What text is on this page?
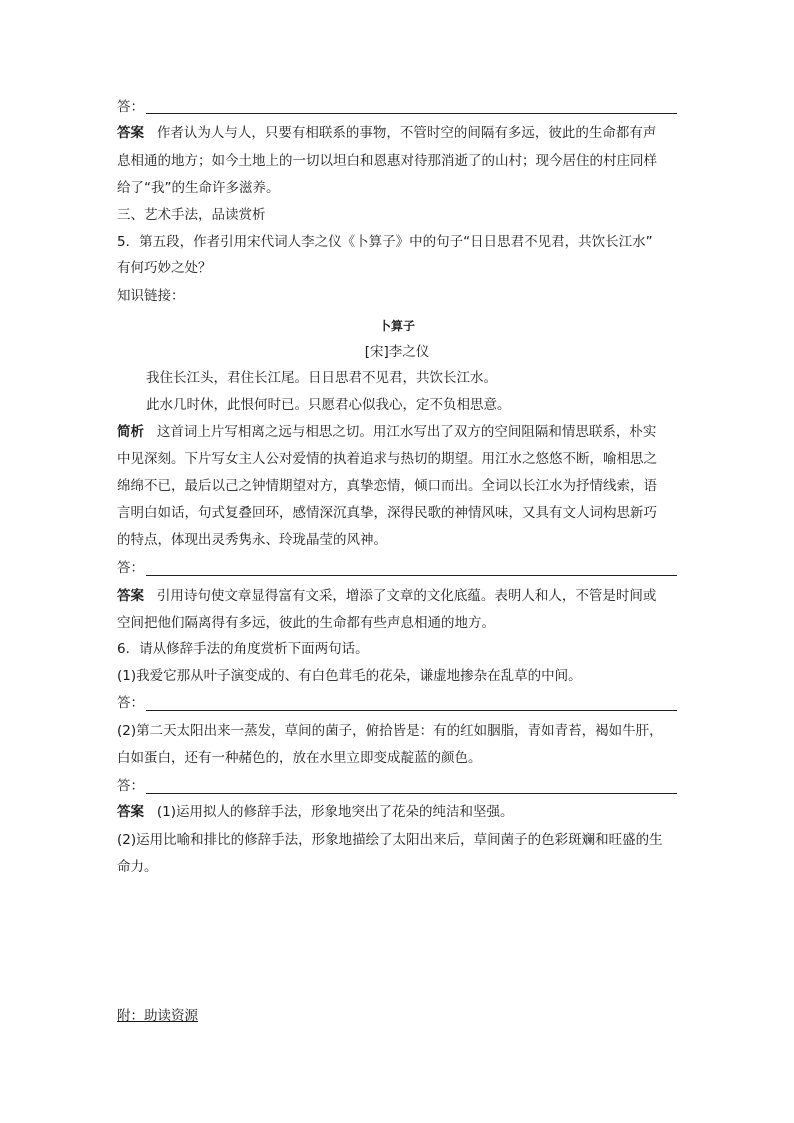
答：
答案 作者认为人与人，只要有相联系的事物，不管时空的间隔有多远，彼此的生命都有声
息相通的地方；如今土地上的一切以坦白和恩惠对待那消逝了的山村；现今居住的村庄同样
给了“我”的生命许多滋养。
三、艺术手法，品读赏析
5．第五段，作者引用宋代词人李之仪《卜算子》中的句子“日日思君不见君，共饮长江水”
有何巧妙之处？
知识链接：
卜算子
[宋]李之仪
我住长江头，君住长江尾。日日思君不见君，共饮长江水。
此水几时休，此恨何时已。只愿君心似我心，定不负相思意。
简析 这首词上片写相离之远与相思之切。用江水写出了双方的空间阻隔和情思联系，朴实
中见深刻。下片写女主人公对爱情的执着追求与热切的期望。用江水之悠悠不断，喻相思之
绵绵不已，最后以己之钟情期望对方，真挚恋情，倾口而出。全词以长江水为抒情线索，语
言明白如话，句式复叠回环，感情深沉真挚，深得民歌的神情风味，又具有文人词构思新巧
的特点，体现出灵秀隽永、玲珑晶莹的风神。
答：
答案 引用诗句使文章显得富有文采，增添了文章的文化底蕴。表明人和人，不管是时间或
空间把他们隔离得有多远，彼此的生命都有些声息相通的地方。
6．请从修辞手法的角度赏析下面两句话。
(1)我爱它那从叶子演变成的、有白色茸毛的花朵，谦虚地掺杂在乱草的中间。
答：
(2)第二天太阳出来一蒸发，草间的菌子，俯拾皆是：有的红如胭脂，青如青苔，褐如牛肝，
白如蛋白，还有一种赭色的，放在水里立即变成靛蓝的颜色。
答：
答案 (1)运用拟人的修辞手法，形象地突出了花朵的纯洁和坚强。
(2)运用比喻和排比的修辞手法，形象地描绘了太阳出来后，草间菌子的色彩斑斓和旺盛的生
命力。
附：助读资源
